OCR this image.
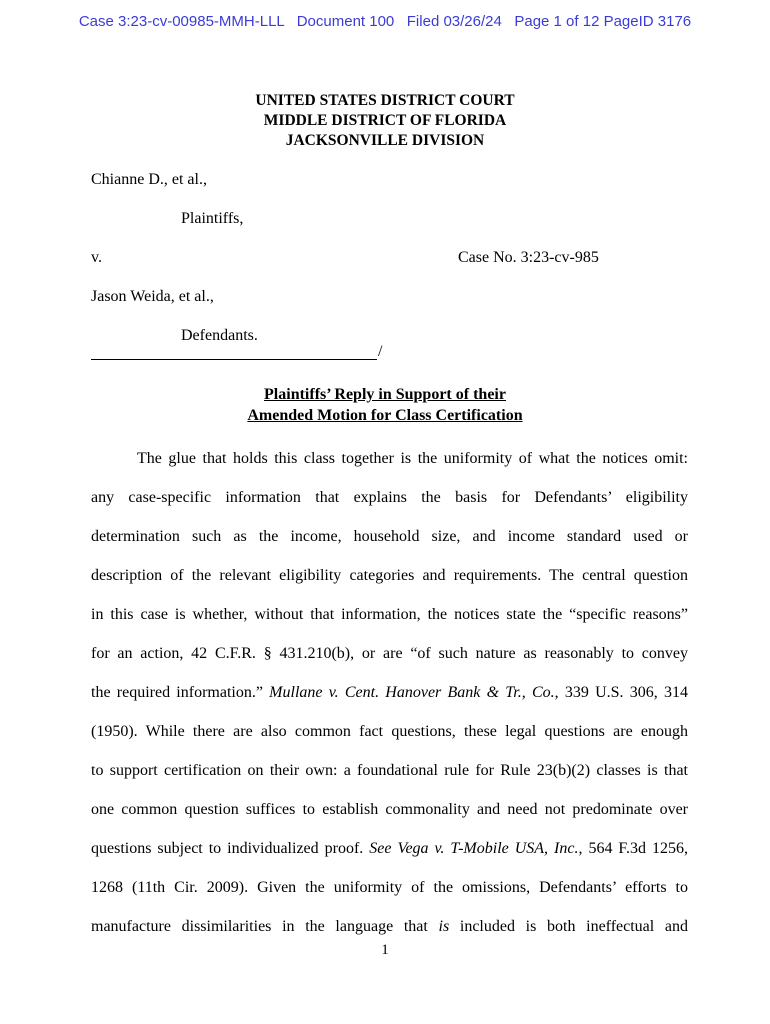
Case 3:23-cv-00985-MMH-LLL   Document 100   Filed 03/26/24   Page 1 of 12 PageID 3176
UNITED STATES DISTRICT COURT
MIDDLE DISTRICT OF FLORIDA
JACKSONVILLE DIVISION
Chianne D., et al.,
Plaintiffs,
v.	Case No. 3:23-cv-985
Jason Weida, et al.,
Defendants.
/
Plaintiffs’ Reply in Support of their
Amended Motion for Class Certification
The glue that holds this class together is the uniformity of what the notices omit:
any case-specific information that explains the basis for Defendants’ eligibility
determination such as the income, household size, and income standard used or
description of the relevant eligibility categories and requirements. The central question
in this case is whether, without that information, the notices state the “specific reasons”
for an action, 42 C.F.R. § 431.210(b), or are “of such nature as reasonably to convey
the required information.” Mullane v. Cent. Hanover Bank & Tr., Co., 339 U.S. 306, 314
(1950). While there are also common fact questions, these legal questions are enough
to support certification on their own: a foundational rule for Rule 23(b)(2) classes is that
one common question suffices to establish commonality and need not predominate over
questions subject to individualized proof. See Vega v. T-Mobile USA, Inc., 564 F.3d 1256,
1268 (11th Cir. 2009). Given the uniformity of the omissions, Defendants’ efforts to
manufacture dissimilarities in the language that is included is both ineffectual and
1
